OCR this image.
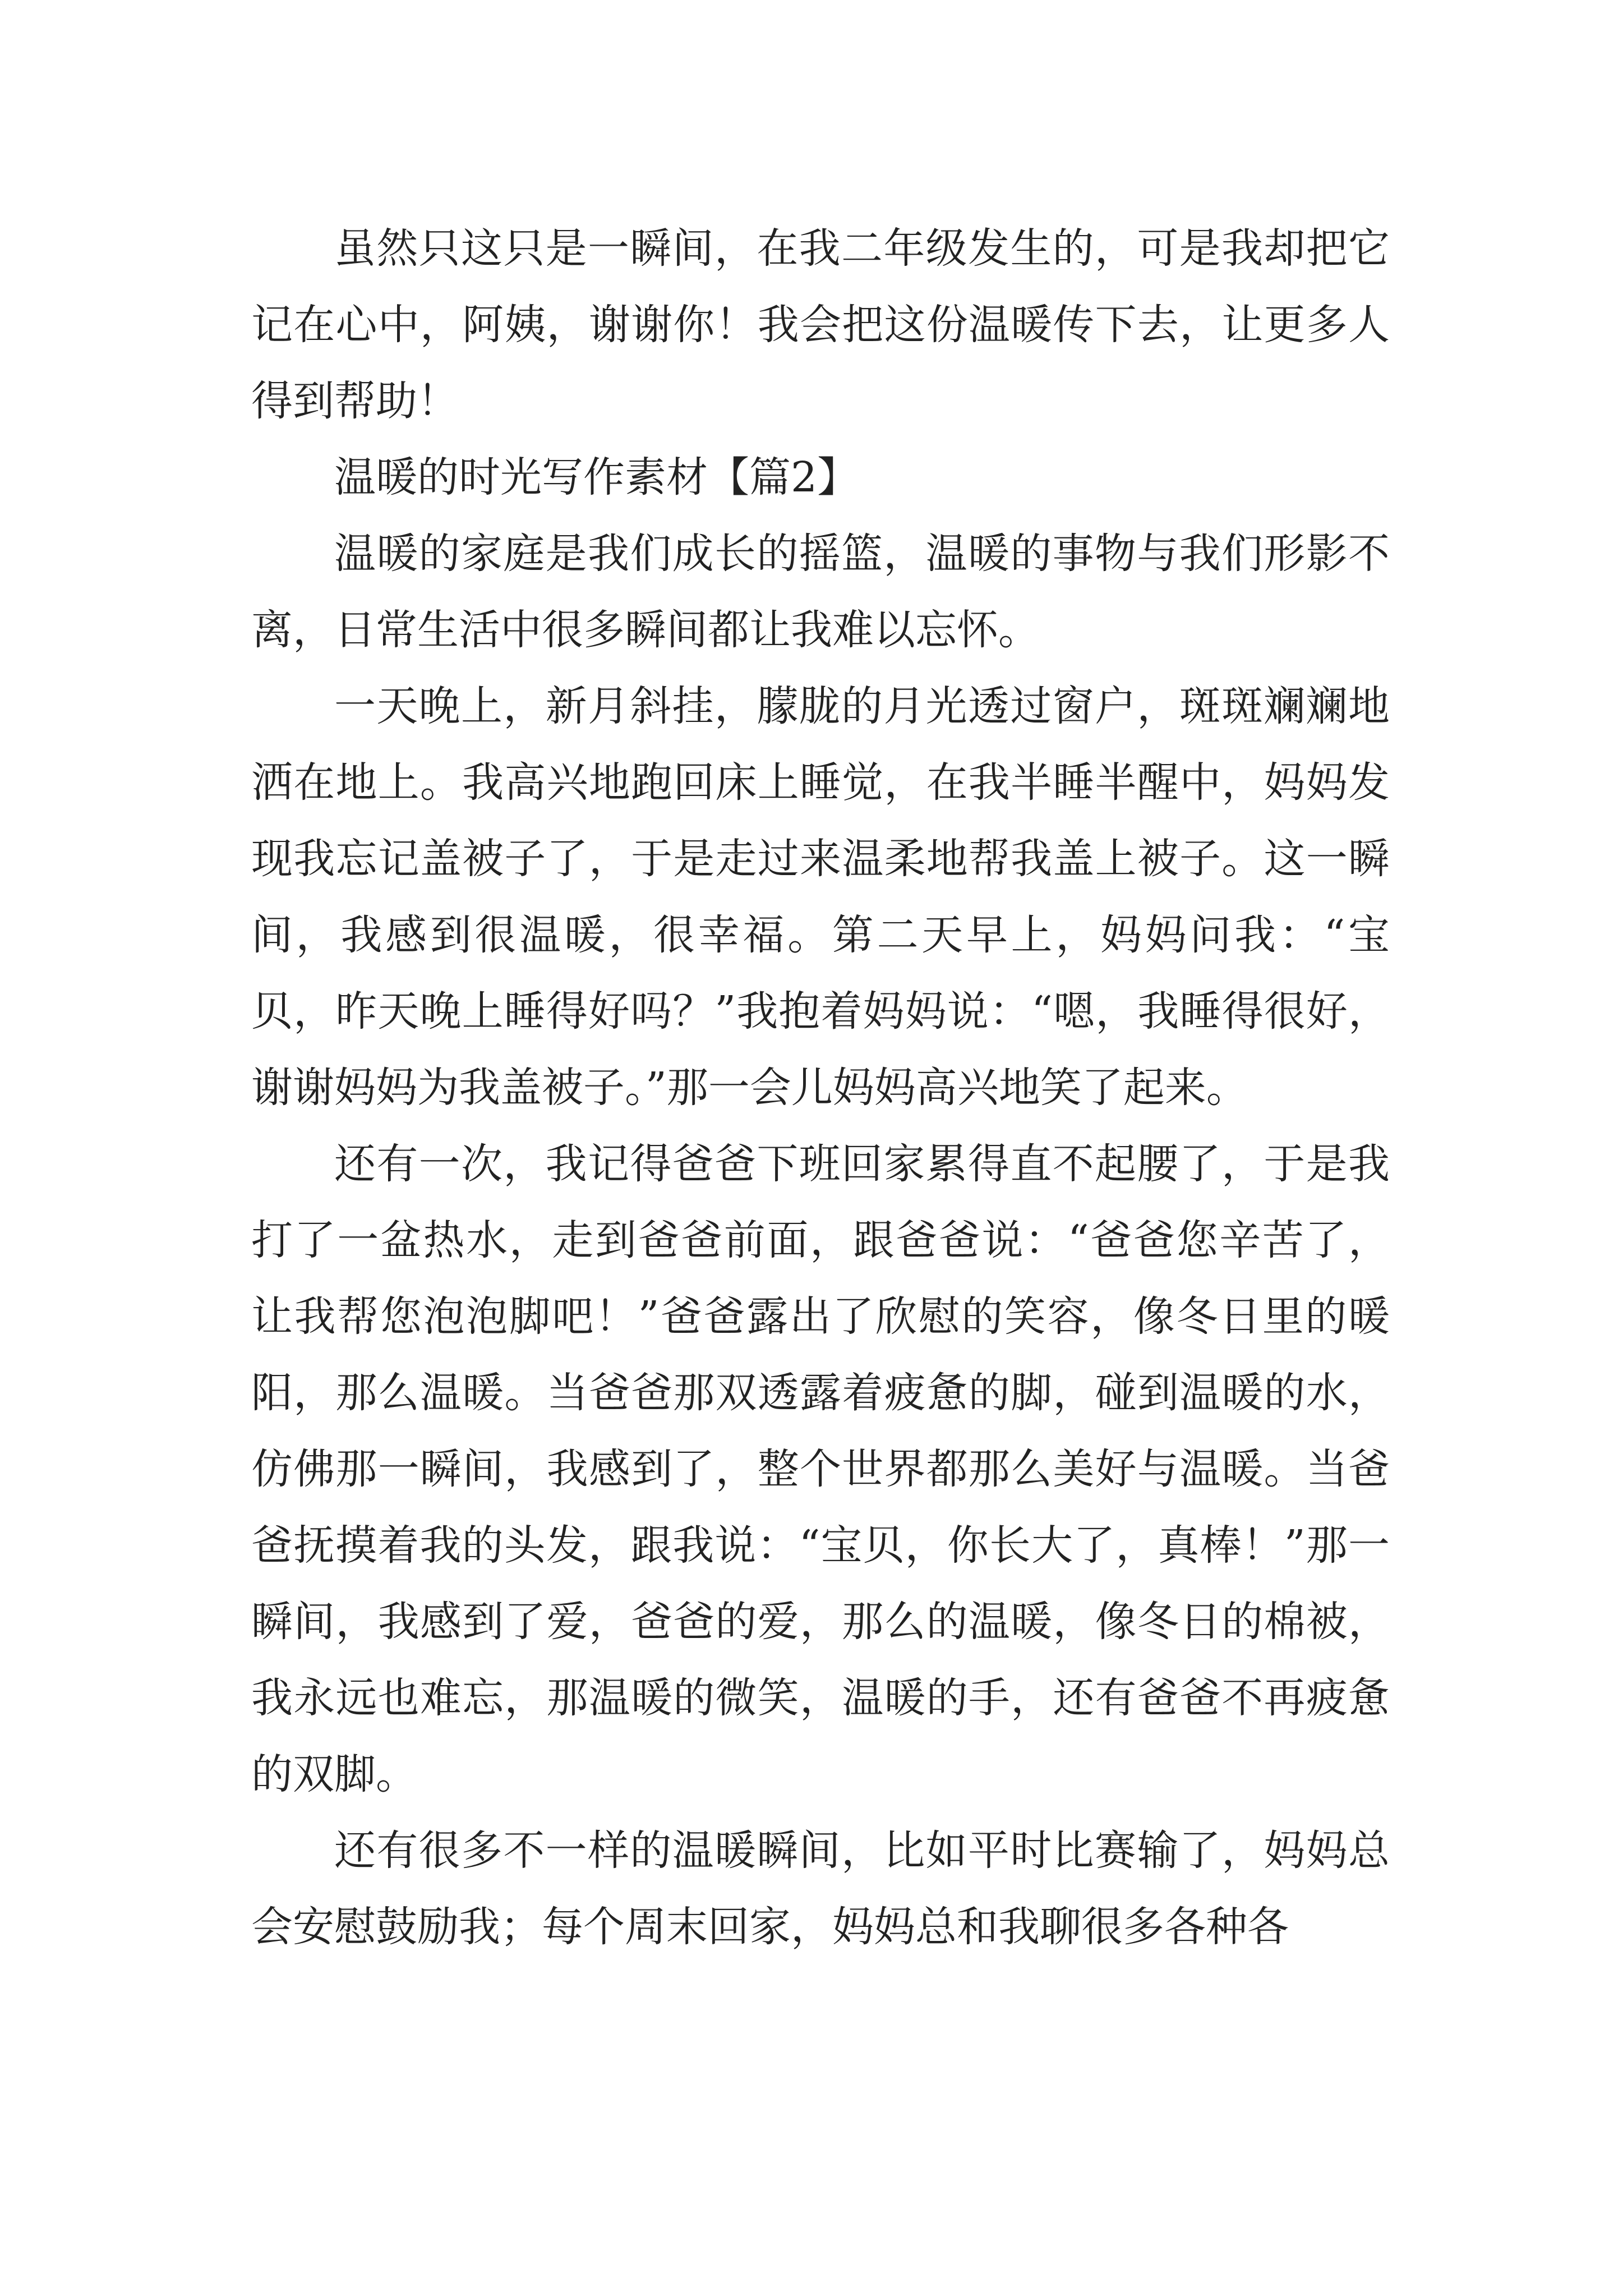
虽然只这只是一瞬间，在我二年级发生的，可是我却把它记在心中，阿姨，谢谢你！我会把这份温暖传下去，让更多人得到帮助！

温暖的时光写作素材【篇2】

温暖的家庭是我们成长的摇篮，温暖的事物与我们形影不离，日常生活中很多瞬间都让我难以忘怀。

一天晚上，新月斜挂，朦胧的月光透过窗户，斑斑斓斓地洒在地上。我高兴地跑回床上睡觉，在我半睡半醒中，妈妈发现我忘记盖被子了，于是走过来温柔地帮我盖上被子。这一瞬间，我感到很温暖，很幸福。第二天早上，妈妈问我：“宝贝，昨天晚上睡得好吗？”我抱着妈妈说：“嗯，我睡得很好，谢谢妈妈为我盖被子。”那一会儿妈妈高兴地笑了起来。

还有一次，我记得爸爸下班回家累得直不起腰了，于是我打了一盆热水，走到爸爸前面，跟爸爸说：“爸爸您辛苦了，让我帮您泡泡脚吧！”爸爸露出了欣慰的笑容，像冬日里的暖阳，那么温暖。当爸爸那双透露着疲惫的脚，碰到温暖的水，仿佛那一瞬间，我感到了，整个世界都那么美好与温暖。当爸爸抚摸着我的头发，跟我说：“宝贝，你长大了，真棒！”那一瞬间，我感到了爱，爸爸的爱，那么的温暖，像冬日的棉被，我永远也难忘，那温暖的微笑，温暖的手，还有爸爸不再疲惫的双脚。

还有很多不一样的温暖瞬间，比如平时比赛输了，妈妈总会安慰鼓励我；每个周末回家，妈妈总和我聊很多各种各
